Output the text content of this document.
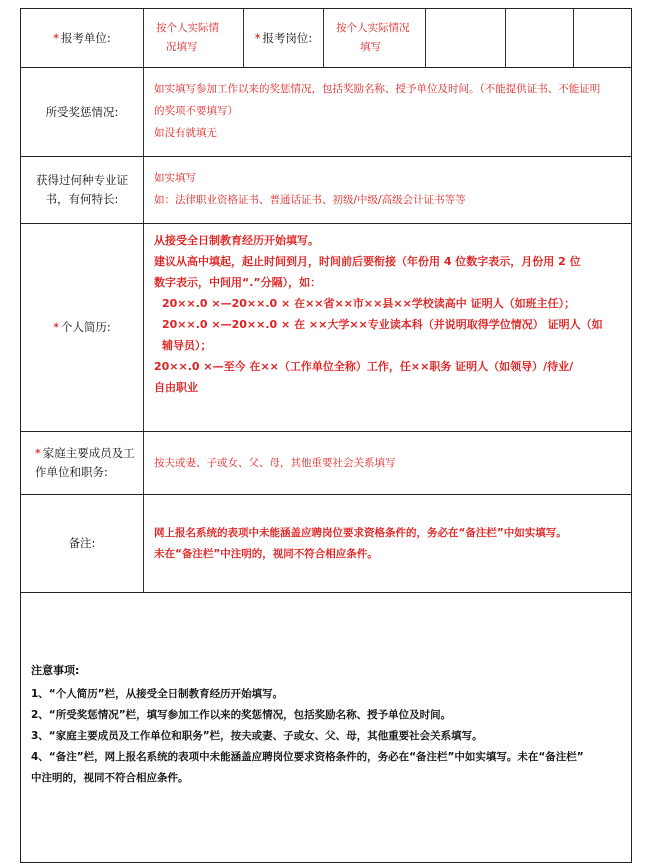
* 报考单位:
按个人实际情
况填写
* 报考岗位:
按个人实际情况
填写
所受奖惩情况:

如实填写参加工作以来的奖惩情况，包括奖励名称、授予单位及时间。（不能提供证书、不能证明

的奖项不要填写）

如没有就填无

获得过何种专业证
书，有何特长:

如实填写

如：法律职业资格证书、普通话证书、初级/中级/高级会计证书等等

* 个人简历:

从接受全日制教育经历开始填写。

建议从高中填起，起止时间到月，时间前后要衔接（年份用 4 位数字表示，月份用 2 位

数字表示，中间用“.”分隔），如：

20××.0 ×—20××.0 × 在××省××市××县××学校读高中 证明人（如班主任）；

20××.0 ×—20××.0 × 在 ××大学××专业读本科（并说明取得学位情况） 证明人（如

辅导员）；

20××.0 ×—至今 在××（工作单位全称）工作，任××职务 证明人（如领导）/待业/

自由职业

* 家庭主要成员及工
作单位和职务:

按夫或妻、子或女、父、母，其他重要社会关系填写

备注:

网上报名系统的表项中未能涵盖应聘岗位要求资格条件的，务必在“备注栏”中如实填写。

未在“备注栏”中注明的，视同不符合相应条件。

注意事项:

1、“个人简历”栏，从接受全日制教育经历开始填写。

2、“所受奖惩情况”栏，填写参加工作以来的奖惩情况，包括奖励名称、授予单位及时间。

3、“家庭主要成员及工作单位和职务”栏，按夫或妻、子或女、父、母，其他重要社会关系填写。

4、“备注”栏，网上报名系统的表项中未能涵盖应聘岗位要求资格条件的，务必在“备注栏”中如实填写。未在“备注栏”

中注明的，视同不符合相应条件。
